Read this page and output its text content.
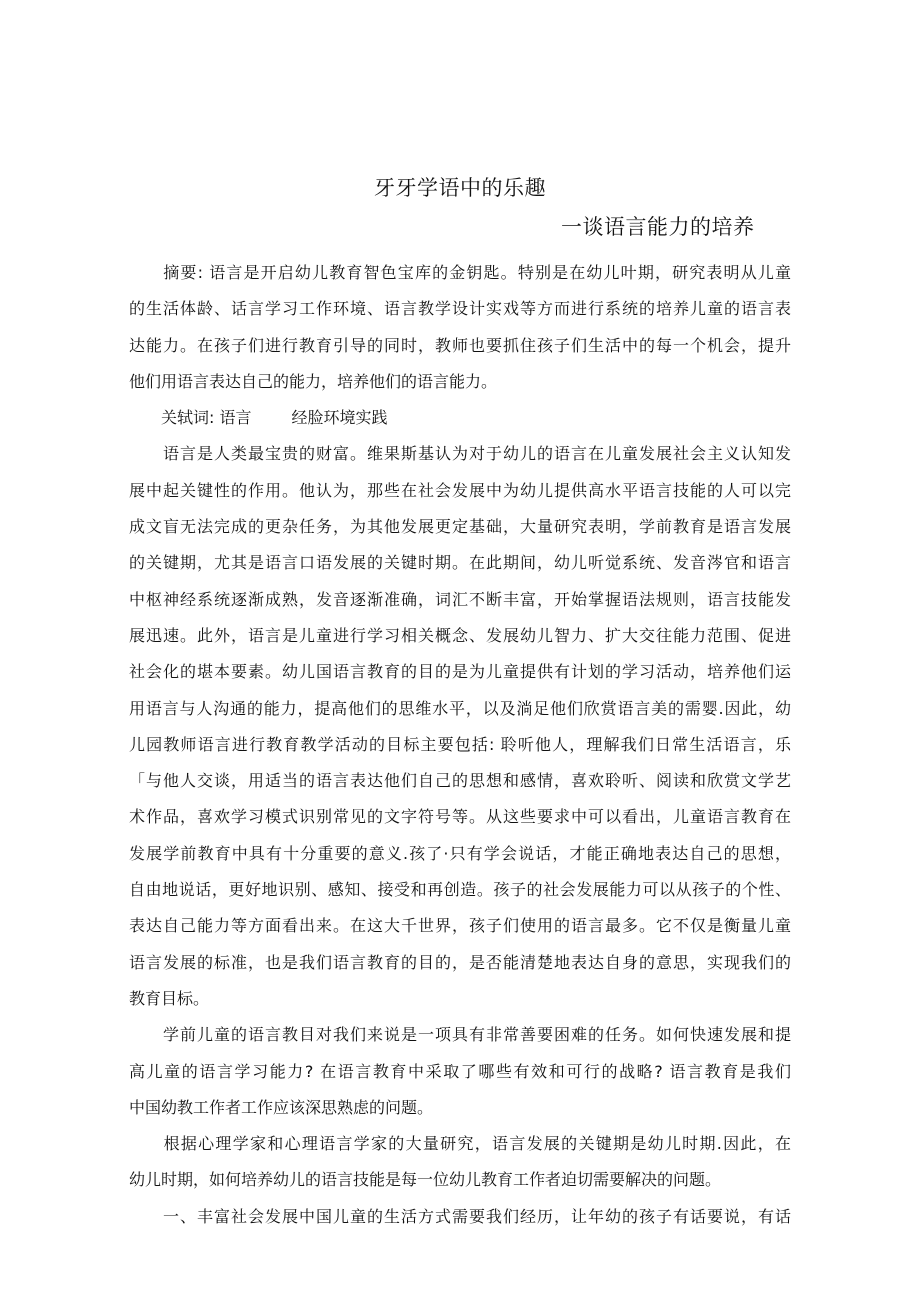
牙牙学语中的乐趣
一谈语言能力的培养
　　摘要: 语言是开启幼儿教育智色宝库的金钥匙。特别是在幼儿叶期，研究表明从儿童
的生活体龄、话言学习工作环境、语言教学设计实戏等方而进行系统的培养儿童的语言表
达能力。在孩子们进行教育引导的同时，教师也要抓住孩子们生活中的每一个机会，提升
他们用语言表达自己的能力，培养他们的语言能力。
　　关轼词: 语言	经脸环境实践
　　语言是人类最宝贵的财富。维果斯基认为对于幼儿的语言在儿童发展社会主义认知发
展中起关键性的作用。他认为，那些在社会发展中为幼儿提供高水平语言技能的人可以完
成文盲无法完成的更杂任务，为其他发展更定基础，大量研究表明，学前教育是语言发展
的关键期，尤其是语言口语发展的关键时期。在此期间，幼儿听觉系统、发音涔官和语言
中枢神经系统逐渐成熟，发音逐渐准确，词汇不断丰富，开始掌握语法规则，语言技能发
展迅速。此外，语言是儿童进行学习相关概念、发展幼儿智力、扩大交往能力范围、促进
社会化的堪本要素。幼儿国语言教育的目的是为儿童提供有计划的学习活动，培养他们运
用语言与人沟通的能力，提高他们的思维水平，以及淌足他们欣赏语言美的需婴.因此，幼
儿园教师语言进行教育教学活动的目标主要包括: 聆听他人，理解我们日常生活语言，乐
「与他人交谈，用适当的语言表达他们自己的思想和感情，喜欢聆听、阅读和欣赏文学艺
术作品，喜欢学习模式识别常见的文字符号等。从这些要求中可以看出，儿童语言教育在
发展学前教育中具有十分重要的意义.孩了·只有学会说话，才能正确地表达自己的思想，
自由地说话，更好地识别、感知、接受和再创造。孩子的社会发展能力可以从孩子的个性、
表达自己能力等方面看出来。在这大千世界，孩子们使用的语言最多。它不仅是衡量儿童
语言发展的标准，也是我们语言教育的目的，是否能清楚地表达自身的意思，实现我们的
教育目标。
　　学前儿童的语言教目对我们来说是一项具有非常善要困难的任务。如何快速发展和提
高儿童的语言学习能力? 在语言教育中采取了哪些有效和可行的战略? 语言教育是我们
中国幼教工作者工作应该深思熟虑的问题。
　　根据心理学家和心理语言学家的大量研究，语言发展的关键期是幼儿时期.因此，在
幼儿时期，如何培养幼儿的语言技能是每一位幼儿教育工作者迫切需要解决的问题。
　　一、丰富社会发展中国儿童的生活方式需要我们经历，让年幼的孩子有话要说，有话
